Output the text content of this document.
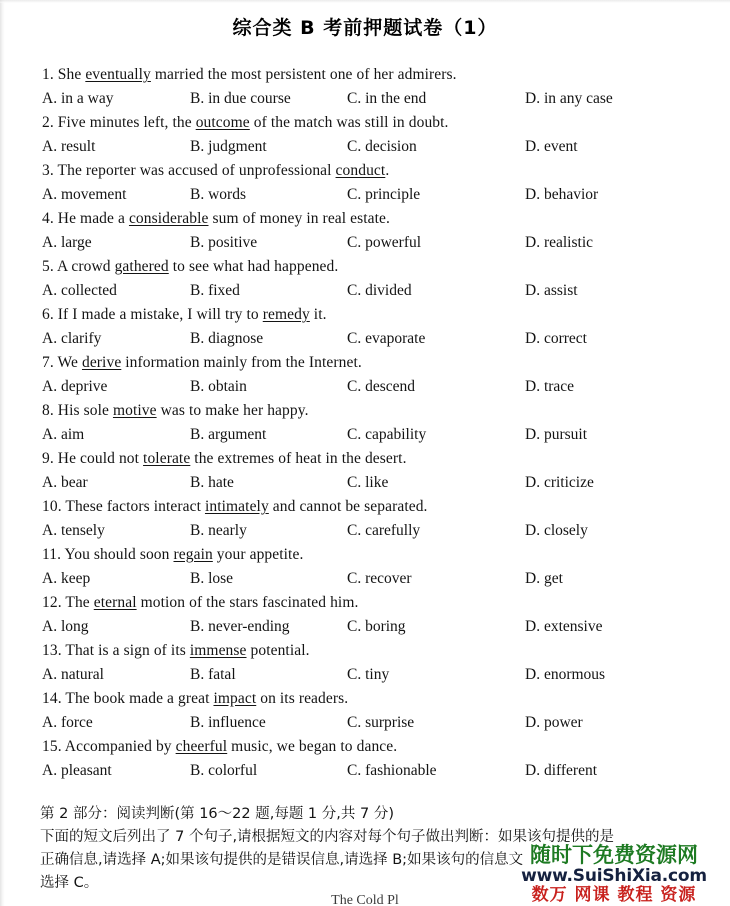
综合类 B 考前押题试卷（1）
1. She eventually married the most persistent one of her admirers.
A. in a way	B. in due course	C. in the end	D. in any case
2. Five minutes left, the outcome of the match was still in doubt.
A. result	B. judgment	C. decision	D. event
3. The reporter was accused of unprofessional conduct.
A. movement	B. words	C. principle	D. behavior
4. He made a considerable sum of money in real estate.
A. large	B. positive	C. powerful	D. realistic
5. A crowd gathered to see what had happened.
A. collected	B. fixed	C. divided	D. assist
6. If I made a mistake, I will try to remedy it.
A. clarify	B. diagnose	C. evaporate	D. correct
7. We derive information mainly from the Internet.
A. deprive	B. obtain	C. descend	D. trace
8. His sole motive was to make her happy.
A. aim	B. argument	C. capability	D. pursuit
9. He could not tolerate the extremes of heat in the desert.
A. bear	B. hate	C. like	D. criticize
10. These factors interact intimately and cannot be separated.
A. tensely	B. nearly	C. carefully	D. closely
11. You should soon regain your appetite.
A. keep	B. lose	C. recover	D. get
12. The eternal motion of the stars fascinated him.
A. long	B. never-ending	C. boring	D. extensive
13. That is a sign of its immense potential.
A. natural	B. fatal	C. tiny	D. enormous
14. The book made a great impact on its readers.
A. force	B. influence	C. surprise	D. power
15. Accompanied by cheerful music, we began to dance.
A. pleasant	B. colorful	C. fashionable	D. different
第 2 部分：阅读判断(第 16～22 题,每题 1 分,共 7 分)
下面的短文后列出了 7 个句子,请根据短文的内容对每个句子做出判断：如果该句提供的是
正确信息,请选择 A;如果该句提供的是错误信息,请选择 B;如果该句的信息文
选择 C。
The Cold Pl
随时下免费资源网
www.SuiShiXia.com
数万 网课 教程 资源
